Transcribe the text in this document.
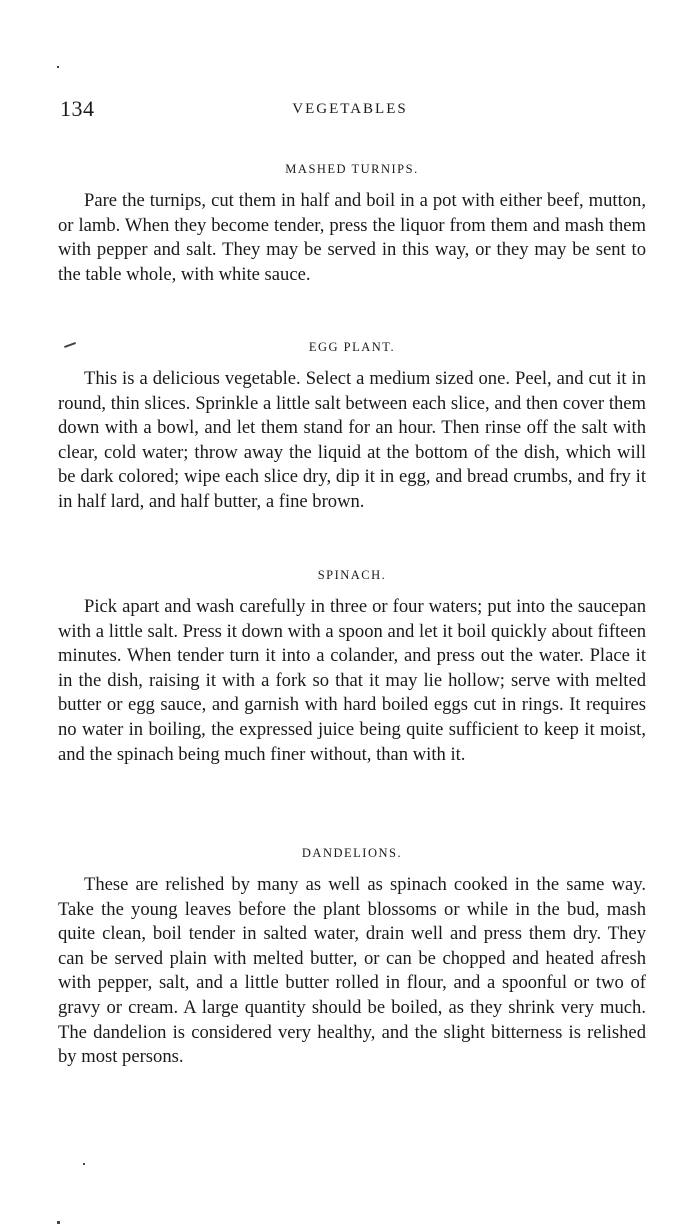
134	VEGETABLES
MASHED TURNIPS.

Pare the turnips, cut them in half and boil in a pot with either beef, mutton, or lamb. When they become tender, press the liquor from them and mash them with pepper and salt. They may be served in this way, or they may be sent to the table whole, with white sauce.

EGG PLANT.

This is a delicious vegetable. Select a medium sized one. Peel, and cut it in round, thin slices. Sprinkle a little salt between each slice, and then cover them down with a bowl, and let them stand for an hour. Then rinse off the salt with clear, cold water; throw away the liquid at the bottom of the dish, which will be dark colored; wipe each slice dry, dip it in egg, and bread crumbs, and fry it in half lard, and half butter, a fine brown.

SPINACH.

Pick apart and wash carefully in three or four waters; put into the saucepan with a little salt. Press it down with a spoon and let it boil quickly about fifteen minutes. When tender turn it into a colander, and press out the water. Place it in the dish, raising it with a fork so that it may lie hollow; serve with melted butter or egg sauce, and garnish with hard boiled eggs cut in rings. It requires no water in boiling, the expressed juice being quite sufficient to keep it moist, and the spinach being much finer without, than with it.

DANDELIONS.

These are relished by many as well as spinach cooked in the same way. Take the young leaves before the plant blossoms or while in the bud, mash quite clean, boil tender in salted water, drain well and press them dry. They can be served plain with melted butter, or can be chopped and heated afresh with pepper, salt, and a little butter rolled in flour, and a spoonful or two of gravy or cream. A large quantity should be boiled, as they shrink very much. The dandelion is considered very healthy, and the slight bitterness is relished by most persons.
